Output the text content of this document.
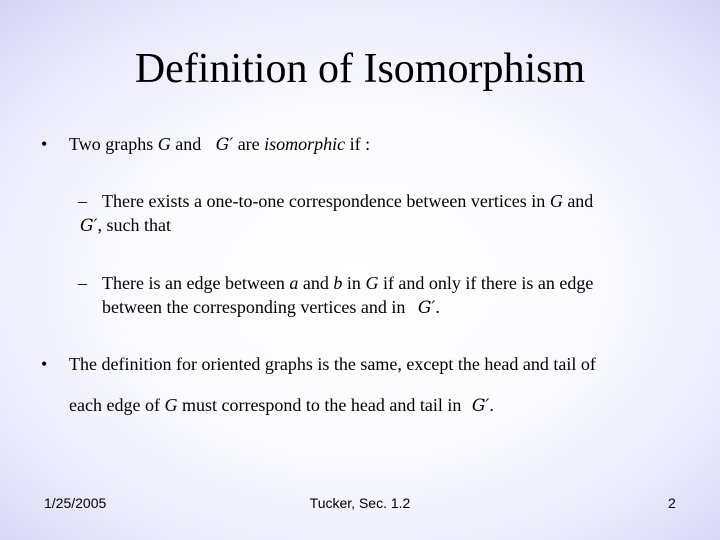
Definition of Isomorphism
• Two graphs G and G′ are isomorphic if :
– There exists a one-to-one correspondence between vertices in G and
G′, such that
– There is an edge between a and b in G if and only if there is an edge
between the corresponding vertices and in G′.
• The definition for oriented graphs is the same, except the head and tail of
each edge of G must correspond to the head and tail in G′.
1/25/2005	Tucker, Sec. 1.2	2
